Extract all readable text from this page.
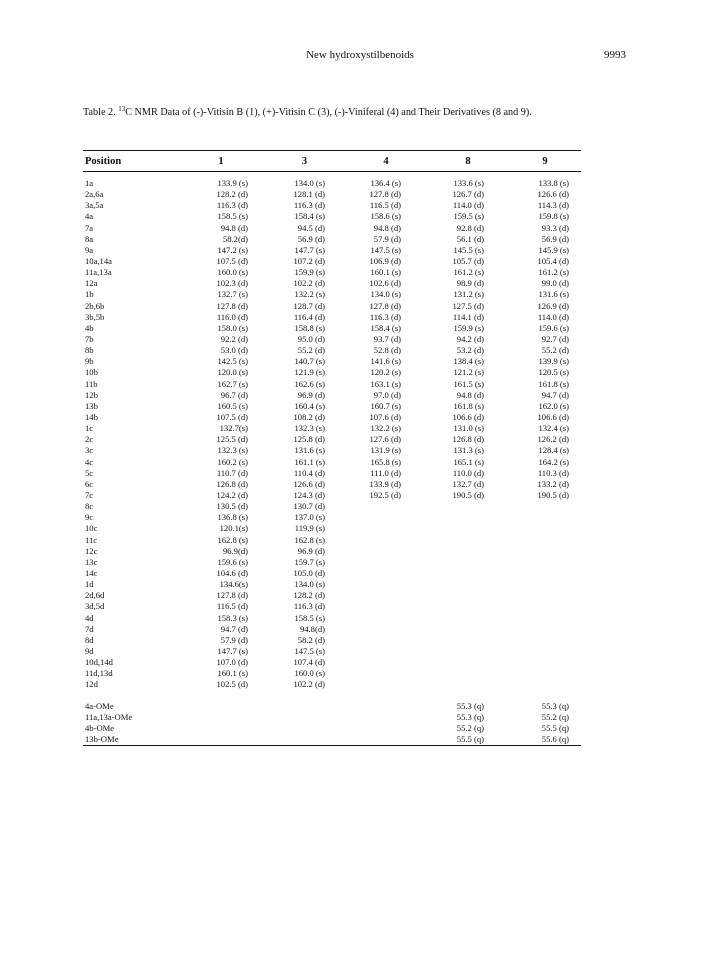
New hydroxystilbenoids	9993
Table 2. $^{13}$C NMR Data of (-)-Vitisin B (1), (+)-Vitisin C (3), (-)-Viniferal (4) and Their Derivatives (8 and 9).

Position	1	3	4	8	9

1a	133.9 (s)	134.0 (s)	136.4 (s)	133.6 (s)	133.8 (s)
2a,6a	128.2 (d)	128.1 (d)	127.8 (d)	126.7 (d)	126.6 (d)
3a,5a	116.3 (d)	116.3 (d)	116.5 (d)	114.0 (d)	114.3 (d)
4a	158.5 (s)	158.4 (s)	158.6 (s)	159.5 (s)	159.8 (s)
7a	94.8 (d)	94.5 (d)	94.8 (d)	92.8 (d)	93.3 (d)
8a	58.2(d)	56.9 (d)	57.9 (d)	56.1 (d)	56.9 (d)
9a	147.2 (s)	147.7 (s)	147.5 (s)	145.5 (s)	145.9 (s)
10a,14a	107.5 (d)	107.2 (d)	106.9 (d)	105.7 (d)	105.4 (d)
11a,13a	160.0 (s)	159.9 (s)	160.1 (s)	161.2 (s)	161.2 (s)
12a	102.3 (d)	102.2 (d)	102.6 (d)	98.9 (d)	99.0 (d)
1b	132.7 (s)	132.2 (s)	134.0 (s)	131.2 (s)	131.6 (s)
2b,6b	127.8 (d)	128.7 (d)	127.8 (d)	127.5 (d)	126.9 (d)
3b,5b	116.0 (d)	116.4 (d)	116.3 (d)	114.1 (d)	114.0 (d)
4b	158.0 (s)	158.8 (s)	158.4 (s)	159.9 (s)	159.6 (s)
7b	92.2 (d)	95.0 (d)	93.7 (d)	94.2 (d)	92.7 (d)
8b	53.0 (d)	55.2 (d)	52.8 (d)	53.2 (d)	55.2 (d)
9b	142.5 (s)	140.7 (s)	141.6 (s)	138.4 (s)	139.9 (s)
10b	120.0 (s)	121.9 (s)	120.2 (s)	121.2 (s)	120.5 (s)
11b	162.7 (s)	162.6 (s)	163.1 (s)	161.5 (s)	161.8 (s)
12b	96.7 (d)	96.9 (d)	97.0 (d)	94.8 (d)	94.7 (d)
13b	160.5 (s)	160.4 (s)	160.7 (s)	161.8 (s)	162.0 (s)
14b	107.5 (d)	108.2 (d)	107.6 (d)	106.6 (d)	106.6 (d)
1c	132.7(s)	132.3 (s)	132.2 (s)	131.0 (s)	132.4 (s)
2c	125.5 (d)	125.8 (d)	127.6 (d)	126.8 (d)	126.2 (d)
3c	132.3 (s)	131.6 (s)	131.9 (s)	131.3 (s)	128.4 (s)
4c	160.2 (s)	161.1 (s)	165.8 (s)	165.1 (s)	164.2 (s)
5c	110.7 (d)	110.4 (d)	111.0 (d)	110.0 (d)	110.3 (d)
6c	126.8 (d)	126.6 (d)	133.9 (d)	132.7 (d)	133.2 (d)
7c	124.2 (d)	124.3 (d)	192.5 (d)	190.5 (d)	190.5 (d)
8c	130.5 (d)	130.7 (d)			
9c	136.8 (s)	137.0 (s)			
10c	120.1(s)	119.9 (s)			
11c	162.8 (s)	162.8 (s)			
12c	96.9(d)	96.9 (d)			
13c	159.6 (s)	159.7 (s)			
14c	104.6 (d)	105.0 (d)			
1d	134.6(s)	134.0 (s)			
2d,6d	127.8 (d)	128.2 (d)			
3d,5d	116.5 (d)	116.3 (d)			
4d	158.3 (s)	158.5 (s)			
7d	94.7 (d)	94.8(d)			
8d	57.9 (d)	58.2 (d)			
9d	147.7 (s)	147.5 (s)			
10d,14d	107.0 (d)	107.4 (d)			
11d,13d	160.1 (s)	160.0 (s)			
12d	102.5 (d)	102.2 (d)			

4a-OMe				55.3 (q)	55.3 (q)
11a,13a-OMe				55.3 (q)	55.2 (q)
4b-OMe				55.2 (q)	55.5 (q)
13b-OMe				55.5 (q)	55.6 (q)
